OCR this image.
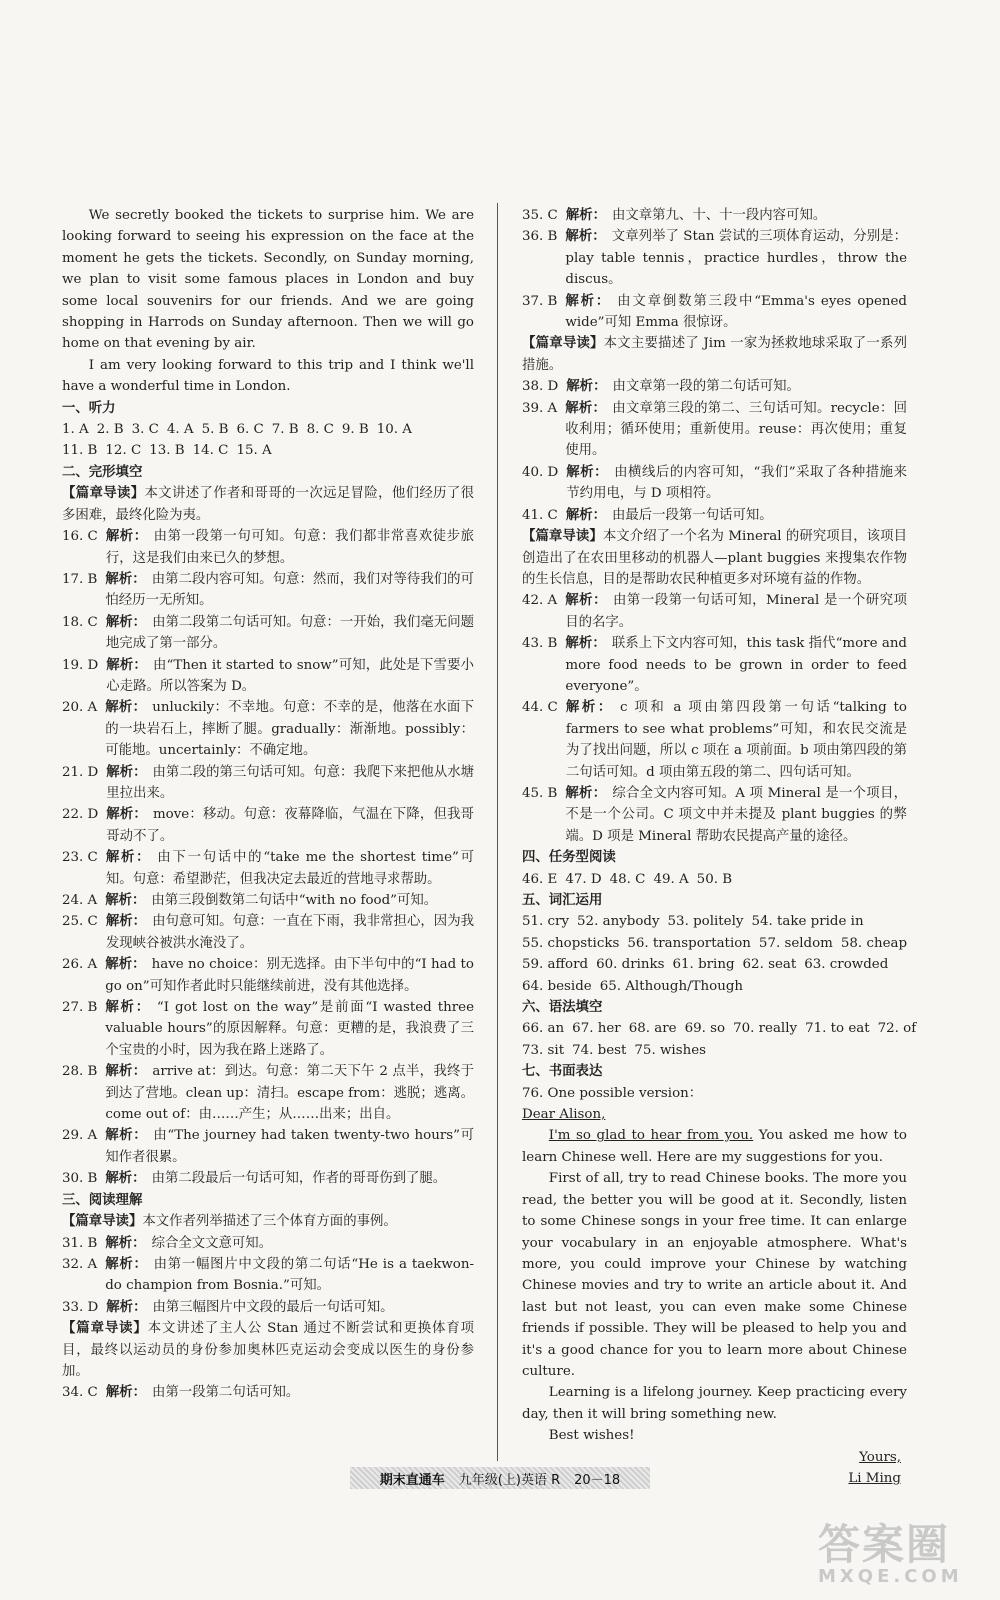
We secretly booked the tickets to surprise him. We are looking forward to seeing his expression on the face at the moment he gets the tickets. Secondly, on Sunday morning, we plan to visit some famous places in London and buy some local souvenirs for our friends. And we are going shopping in Harrods on Sunday afternoon. Then we will go home on that evening by air.

I am very looking forward to this trip and I think we'll have a wonderful time in London.

一、听力
1. A 2. B 3. C 4. A 5. B 6. C 7. B 8. C 9. B 10. A
11. B 12. C 13. B 14. C 15. A
二、完形填空

【篇章导读】本文讲述了作者和哥哥的一次远足冒险，他们经历了很多困难，最终化险为夷。

16. C 解析： 由第一段第一句可知。句意：我们都非常喜欢徒步旅行，这是我们由来已久的梦想。
17. B 解析： 由第二段内容可知。句意：然而，我们对等待我们的可怕经历一无所知。
18. C 解析： 由第二段第二句话可知。句意：一开始，我们毫无问题地完成了第一部分。
19. D 解析： 由“Then it started to snow”可知，此处是下雪要小心走路。所以答案为 D。
20. A 解析： unluckily：不幸地。句意：不幸的是，他落在水面下的一块岩石上，摔断了腿。gradually：渐渐地。possibly：可能地。uncertainly：不确定地。
21. D 解析： 由第二段的第三句话可知。句意：我爬下来把他从水塘里拉出来。
22. D 解析： move：移动。句意：夜幕降临，气温在下降，但我哥哥动不了。
23. C 解析： 由下一句话中的“take me the shortest time”可知。句意：希望渺茫，但我决定去最近的营地寻求帮助。
24. A 解析： 由第三段倒数第二句话中“with no food”可知。
25. C 解析： 由句意可知。句意：一直在下雨，我非常担心，因为我发现峡谷被洪水淹没了。
26. A 解析： have no choice：别无选择。由下半句中的“I had to go on”可知作者此时只能继续前进，没有其他选择。
27. B 解析： “I got lost on the way”是前面“I wasted three valuable hours”的原因解释。句意：更糟的是，我浪费了三个宝贵的小时，因为我在路上迷路了。
28. B 解析： arrive at：到达。句意：第二天下午 2 点半，我终于到达了营地。clean up：清扫。escape from：逃脱；逃离。come out of：由……产生；从……出来；出自。
29. A 解析： 由“The journey had taken twenty-two hours”可知作者很累。
30. B 解析： 由第二段最后一句话可知，作者的哥哥伤到了腿。
三、阅读理解

【篇章导读】本文作者列举描述了三个体育方面的事例。

31. B 解析： 综合全文文意可知。
32. A 解析： 由第一幅图片中文段的第二句话“He is a taekwon-do champion from Bosnia.”可知。
33. D 解析： 由第三幅图片中文段的最后一句话可知。

【篇章导读】本文讲述了主人公 Stan 通过不断尝试和更换体育项目，最终以运动员的身份参加奥林匹克运动会变成以医生的身份参加。

34. C 解析： 由第一段第二句话可知。
35. C 解析： 由文章第九、十、十一段内容可知。
36. B 解析： 文章列举了 Stan 尝试的三项体育运动，分别是：play table tennis，practice hurdles，throw the discus。
37. B 解析： 由文章倒数第三段中“Emma's eyes opened wide”可知 Emma 很惊讶。

【篇章导读】本文主要描述了 Jim 一家为拯救地球采取了一系列措施。

38. D 解析： 由文章第一段的第二句话可知。
39. A 解析： 由文章第三段的第二、三句话可知。recycle：回收利用；循环使用；重新使用。reuse：再次使用；重复使用。
40. D 解析： 由横线后的内容可知，“我们”采取了各种措施来节约用电，与 D 项相符。
41. C 解析： 由最后一段第一句话可知。

【篇章导读】本文介绍了一个名为 Mineral 的研究项目，该项目创造出了在农田里移动的机器人—plant buggies 来搜集农作物的生长信息，目的是帮助农民种植更多对环境有益的作物。

42. A 解析： 由第一段第一句话可知，Mineral 是一个研究项目的名字。
43. B 解析： 联系上下文内容可知，this task 指代“more and more food needs to be grown in order to feed everyone”。
44. C 解析： c 项和 a 项由第四段第一句话“talking to farmers to see what problems”可知，和农民交流是为了找出问题，所以 c 项在 a 项前面。b 项由第四段的第二句话可知。d 项由第五段的第二、四句话可知。
45. B 解析： 综合全文内容可知。A 项 Mineral 是一个项目，不是一个公司。C 项文中并未提及 plant buggies 的弊端。D 项是 Mineral 帮助农民提高产量的途径。
四、任务型阅读
46. E 47. D 48. C 49. A 50. B
五、词汇运用
51. cry 52. anybody 53. politely 54. take pride in
55. chopsticks 56. transportation 57. seldom 58. cheap
59. afford 60. drinks 61. bring 62. seat 63. crowded
64. beside 65. Although/Though
六、语法填空
66. an 67. her 68. are 69. so 70. really 71. to eat 72. of
73. sit 74. best 75. wishes
七、书面表达

76. One possible version：

Dear Alison,

I'm so glad to hear from you. You asked me how to learn Chinese well. Here are my suggestions for you.

First of all, try to read Chinese books. The more you read, the better you will be good at it. Secondly, listen to some Chinese songs in your free time. It can enlarge your vocabulary in an enjoyable atmosphere. What's more, you could improve your Chinese by watching Chinese movies and try to write an article about it. And last but not least, you can even make some Chinese friends if possible. They will be pleased to help you and it's a good chance for you to learn more about Chinese culture.

Learning is a lifelong journey. Keep practicing every day, then it will bring something new.

Best wishes!

Yours,

Li Ming

期末直通车 九年级(上)英语 R 20－18
答案圈
MXQE.COM
